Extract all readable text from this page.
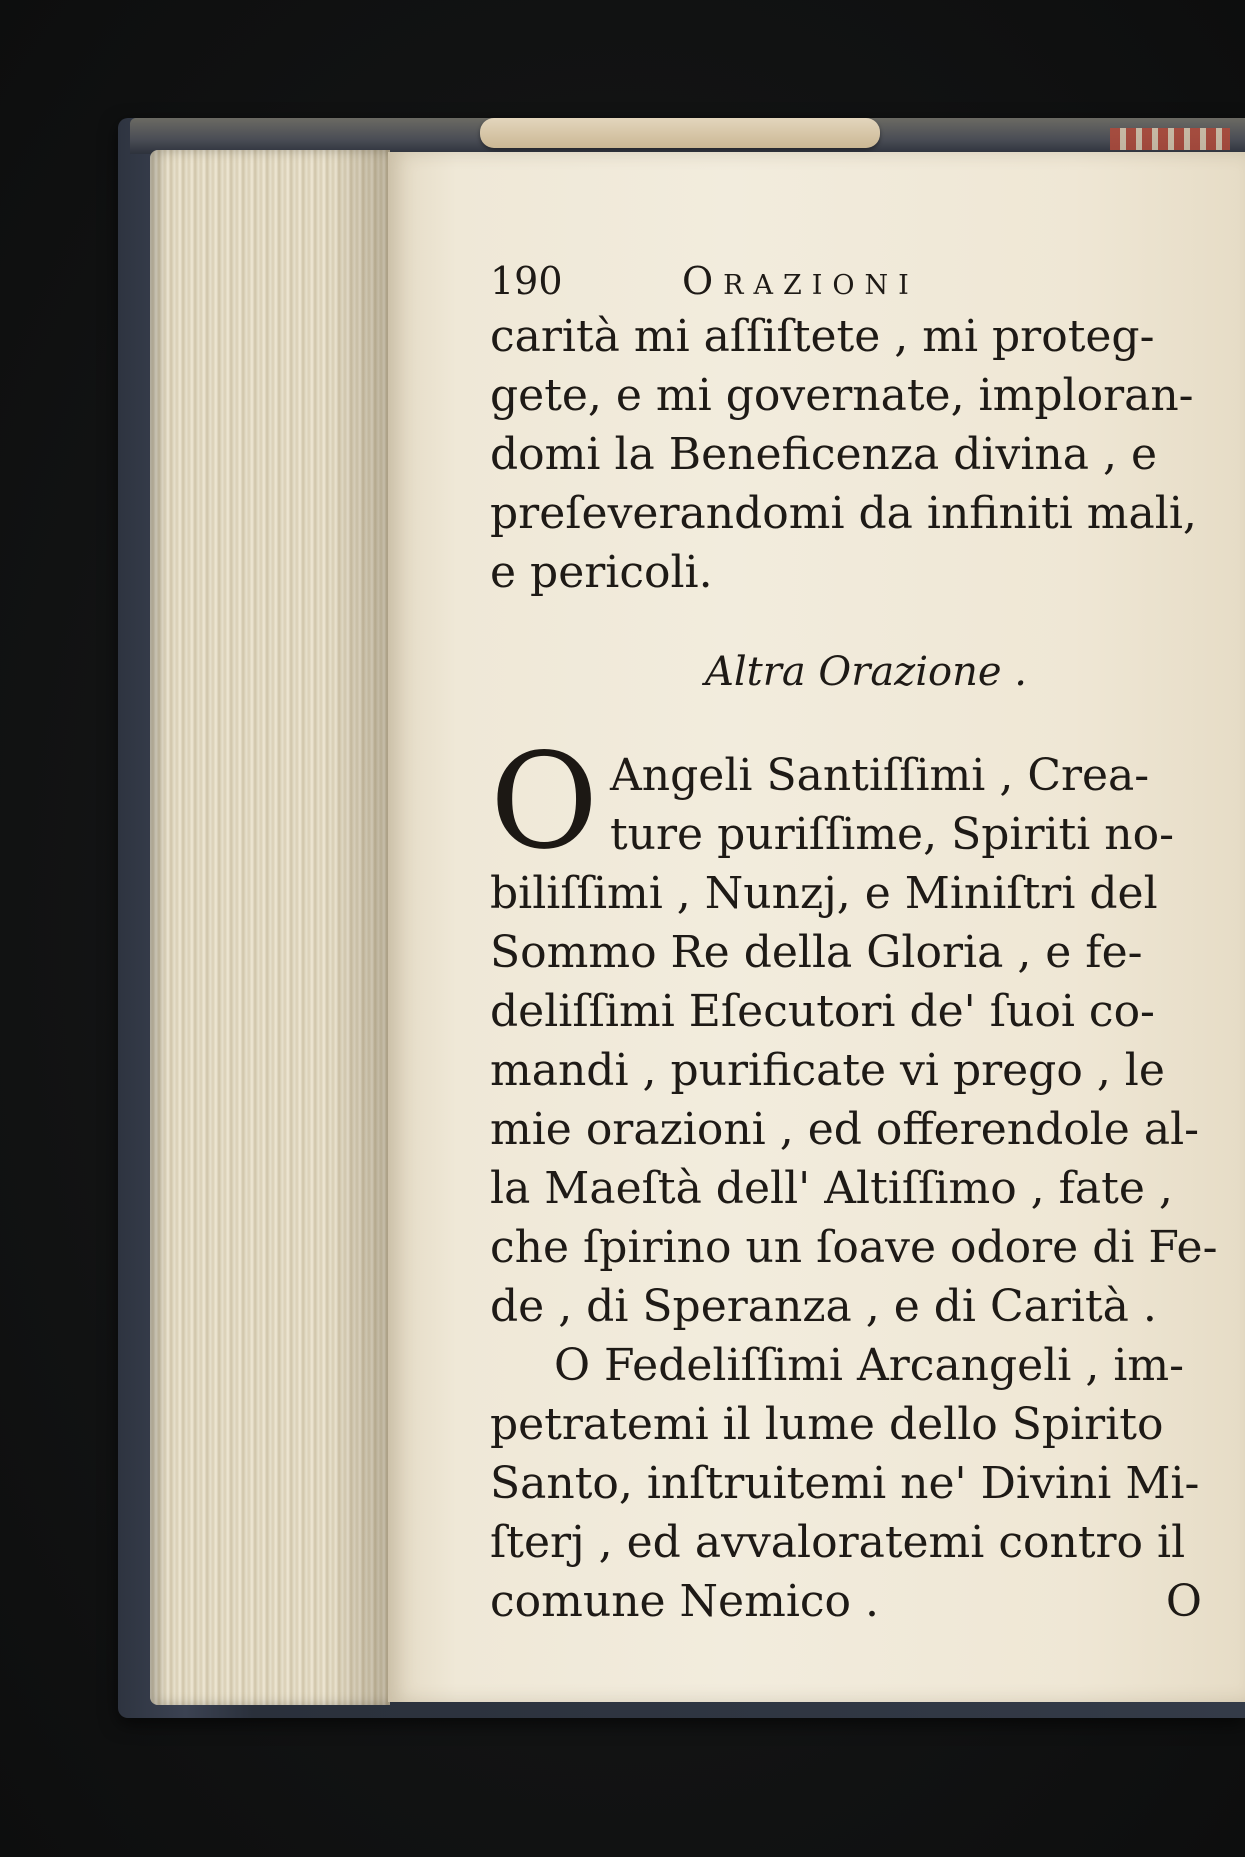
190	Orazioni
carità mi aſſiſtete , mi proteg-
gete, e mi governate, imploran-
domi la Beneficenza divina , e
preſeverandomi da infiniti mali,
e pericoli.
Altra Orazione .
O Angeli Santiſſimi , Crea-
ture puriſſime, Spiriti no-
biliſſimi , Nunzj, e Miniſtri del
Sommo Re della Gloria , e fe-
deliſſimi Eſecutori de' ſuoi co-
mandi , purificate vi prego , le
mie orazioni , ed offerendole al-
la Maeſtà dell' Altiſſimo , fate ,
che ſpirino un ſoave odore di Fe-
de , di Speranza , e di Carità .
O Fedeliſſimi Arcangeli , im-
petratemi il lume dello Spirito
Santo, inſtruitemi ne' Divini Mi-
ſterj , ed avvaloratemi contro il
comune Nemico .	O
